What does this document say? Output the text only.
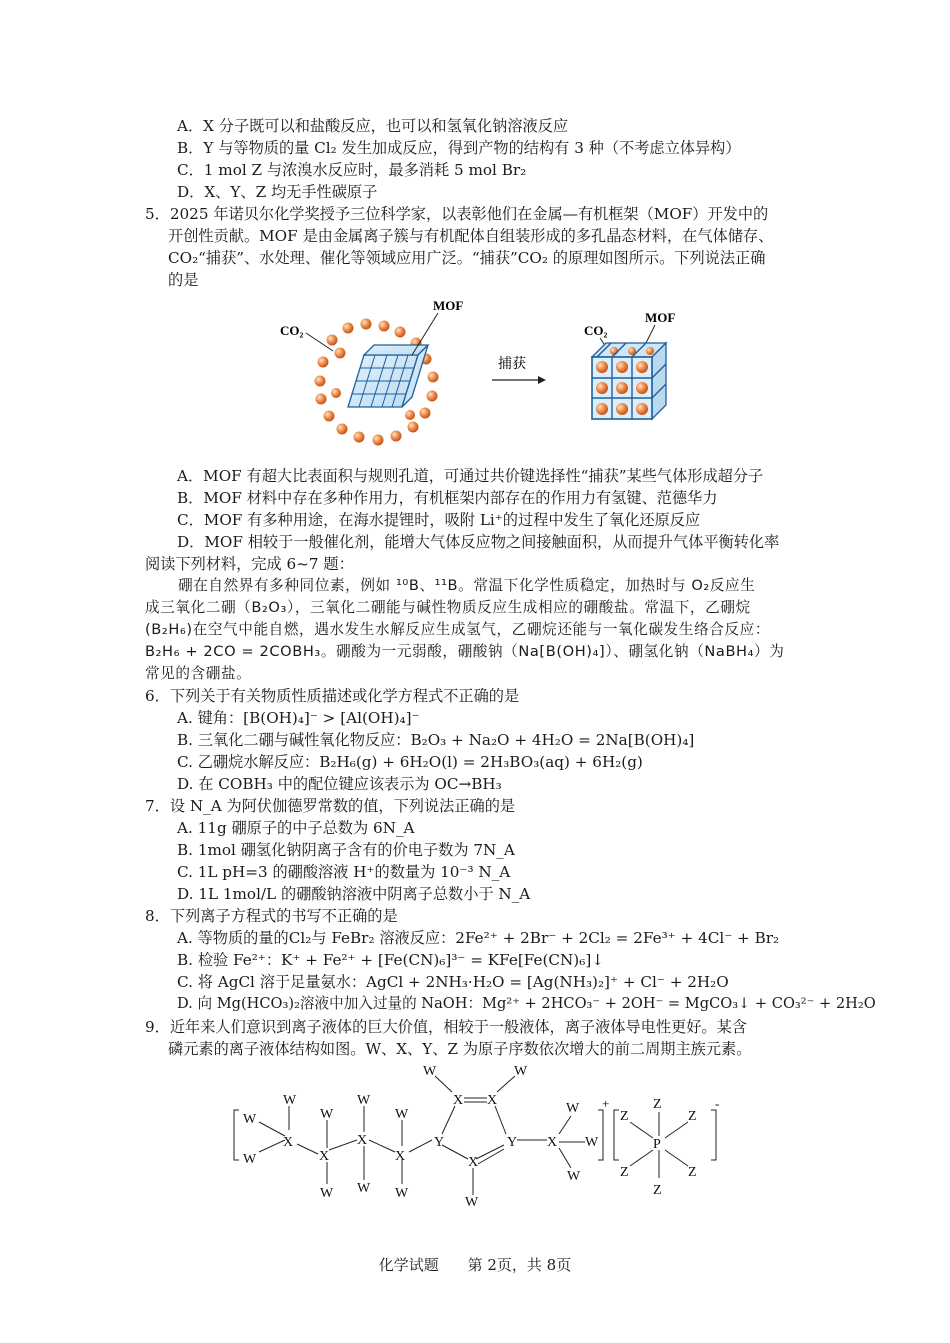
A．X 分子既可以和盐酸反应，也可以和氢氧化钠溶液反应
B．Y 与等物质的量 Cl₂ 发生加成反应，得到产物的结构有 3 种（不考虑立体异构）
C．1 mol Z 与浓溴水反应时，最多消耗 5 mol Br₂
D．X、Y、Z 均无手性碳原子
5．2025 年诺贝尔化学奖授予三位科学家，以表彰他们在金属—有机框架（MOF）开发中的
开创性贡献。MOF 是由金属离子簇与有机配体自组装形成的多孔晶态材料，在气体储存、
CO₂“捕获”、水处理、催化等领域应用广泛。“捕获”CO₂ 的原理如图所示。下列说法正确
的是
CO₂
MOF
捕获
CO₂
MOF
A．MOF 有超大比表面积与规则孔道，可通过共价键选择性“捕获”某些气体形成超分子
B．MOF 材料中存在多种作用力，有机框架内部存在的作用力有氢键、范德华力
C．MOF 有多种用途，在海水提锂时，吸附 Li⁺的过程中发生了氧化还原反应
D．MOF 相较于一般催化剂，能增大气体反应物之间接触面积，从而提升气体平衡转化率
阅读下列材料，完成 6~7 题：
硼在自然界有多种同位素，例如 ¹⁰B、¹¹B。常温下化学性质稳定，加热时与 O₂反应生
成三氧化二硼（B₂O₃），三氧化二硼能与碱性物质反应生成相应的硼酸盐。常温下，乙硼烷
(B₂H₆)在空气中能自燃，遇水发生水解反应生成氢气，乙硼烷还能与一氧化碳发生络合反应：
B₂H₆ + 2CO = 2COBH₃。硼酸为一元弱酸，硼酸钠（Na[B(OH)₄]）、硼氢化钠（NaBH₄）为
常见的含硼盐。
6．下列关于有关物质性质描述或化学方程式不正确的是
A. 键角：[B(OH)₄]⁻ > [Al(OH)₄]⁻
B. 三氧化二硼与碱性氧化物反应：B₂O₃ + Na₂O + 4H₂O = 2Na[B(OH)₄]
C. 乙硼烷水解反应：B₂H₆(g) + 6H₂O(l) = 2H₃BO₃(aq) + 6H₂(g)
D. 在 COBH₃ 中的配位键应该表示为 OC→BH₃
7．设 N_A 为阿伏伽德罗常数的值，下列说法正确的是
A. 11g 硼原子的中子总数为 6N_A
B. 1mol 硼氢化钠阴离子含有的价电子数为 7N_A
C. 1L pH=3 的硼酸溶液 H⁺的数量为 10⁻³ N_A
D. 1L 1mol/L 的硼酸钠溶液中阴离子总数小于 N_A
8．下列离子方程式的书写不正确的是
A. 等物质的量的Cl₂与 FeBr₂ 溶液反应：2Fe²⁺ + 2Br⁻ + 2Cl₂ = 2Fe³⁺ + 4Cl⁻ + Br₂
B. 检验 Fe²⁺：K⁺ + Fe²⁺ + [Fe(CN)₆]³⁻ = KFe[Fe(CN)₆]↓
C. 将 AgCl 溶于足量氨水：AgCl + 2NH₃·H₂O = [Ag(NH₃)₂]⁺ + Cl⁻ + 2H₂O
D. 向 Mg(HCO₃)₂溶液中加入过量的 NaOH：Mg²⁺ + 2HCO₃⁻ + 2OH⁻ = MgCO₃↓ + CO₃²⁻ + 2H₂O
9．近年来人们意识到离子液体的巨大价值，相较于一般液体，离子液体导电性更好。某含
磷元素的离子液体结构如图。W、X、Y、Z 为原子序数依次增大的前二周期主族元素。
W
W
X
W
X
W
W
X
W
W
X
W
W
Y
X X
Y
X
W	W
W
X
W
W
W
P
Z
Z
Z	Z
Z	Z
+	-
化学试题 第 2页，共 8页
